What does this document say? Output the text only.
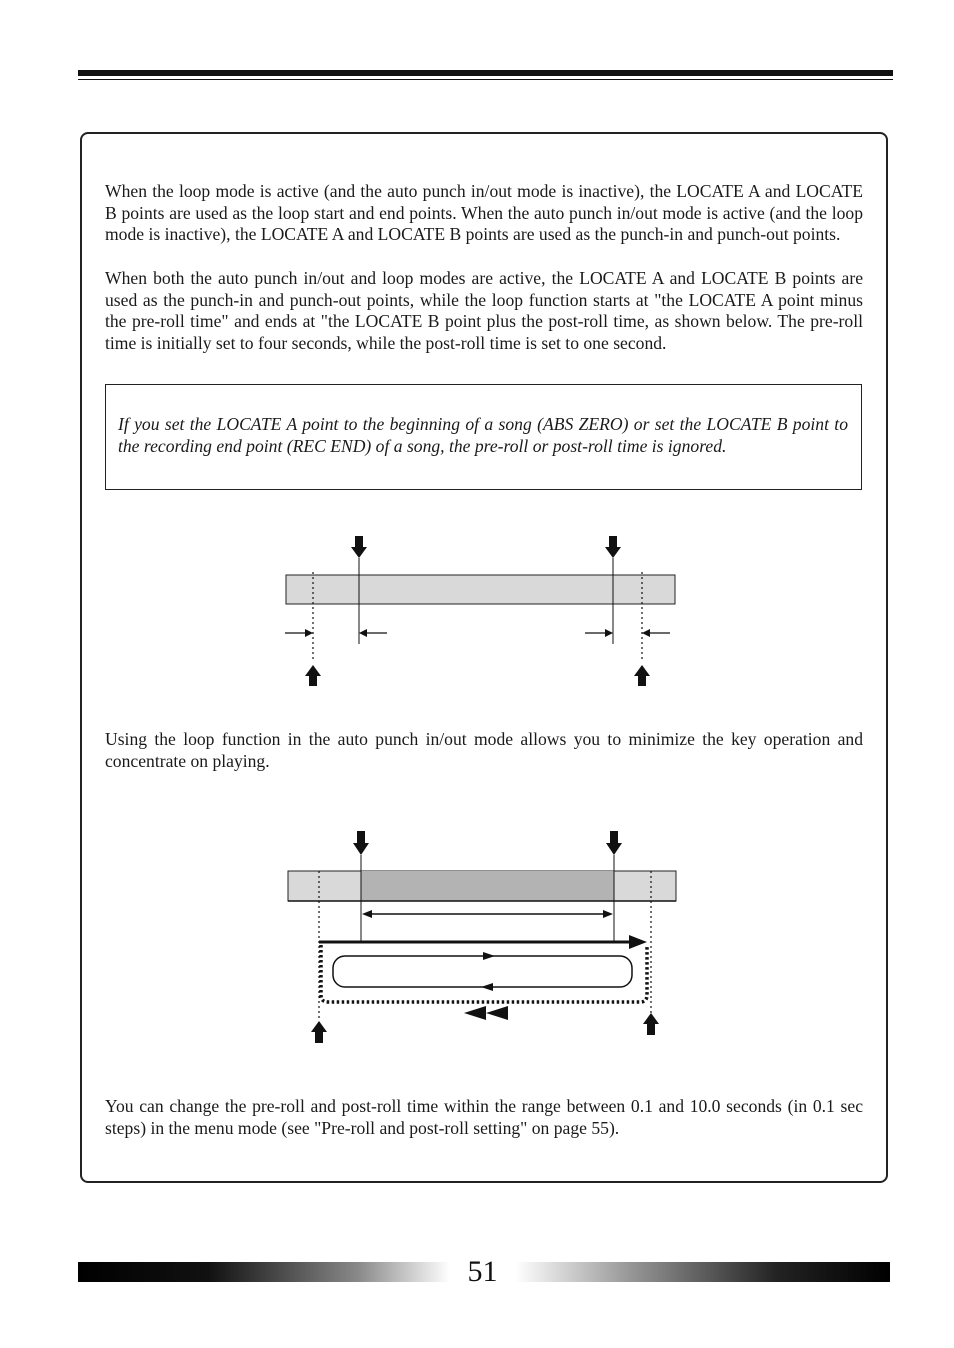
When the loop mode is active (and the auto punch in/out mode is inactive), the LOCATE A and LOCATE B points are used as the loop start and end points. When the auto punch in/out mode is active (and the loop mode is inactive), the LOCATE A and LOCATE B points are used as the punch-in and punch-out points.

When both the auto punch in/out and loop modes are active, the LOCATE A and LOCATE B points are used as the punch-in and punch-out points, while the loop function starts at "the LOCATE A point minus the pre-roll time" and ends at "the LOCATE B point plus the post-roll time, as shown below. The pre-roll time is initially set to four seconds, while the post-roll time is set to one second.

If you set the LOCATE A point to the beginning of a song (ABS ZERO) or set the LOCATE B point to the recording end point (REC END) of a song, the pre-roll or post-roll time is ignored.

Using the loop function in the auto punch in/out mode allows you to minimize the key operation and concentrate on playing.

You can change the pre-roll and post-roll time within the range between 0.1 and 10.0 seconds (in 0.1 sec steps) in the menu mode (see "Pre-roll and post-roll setting" on page 55).

51
